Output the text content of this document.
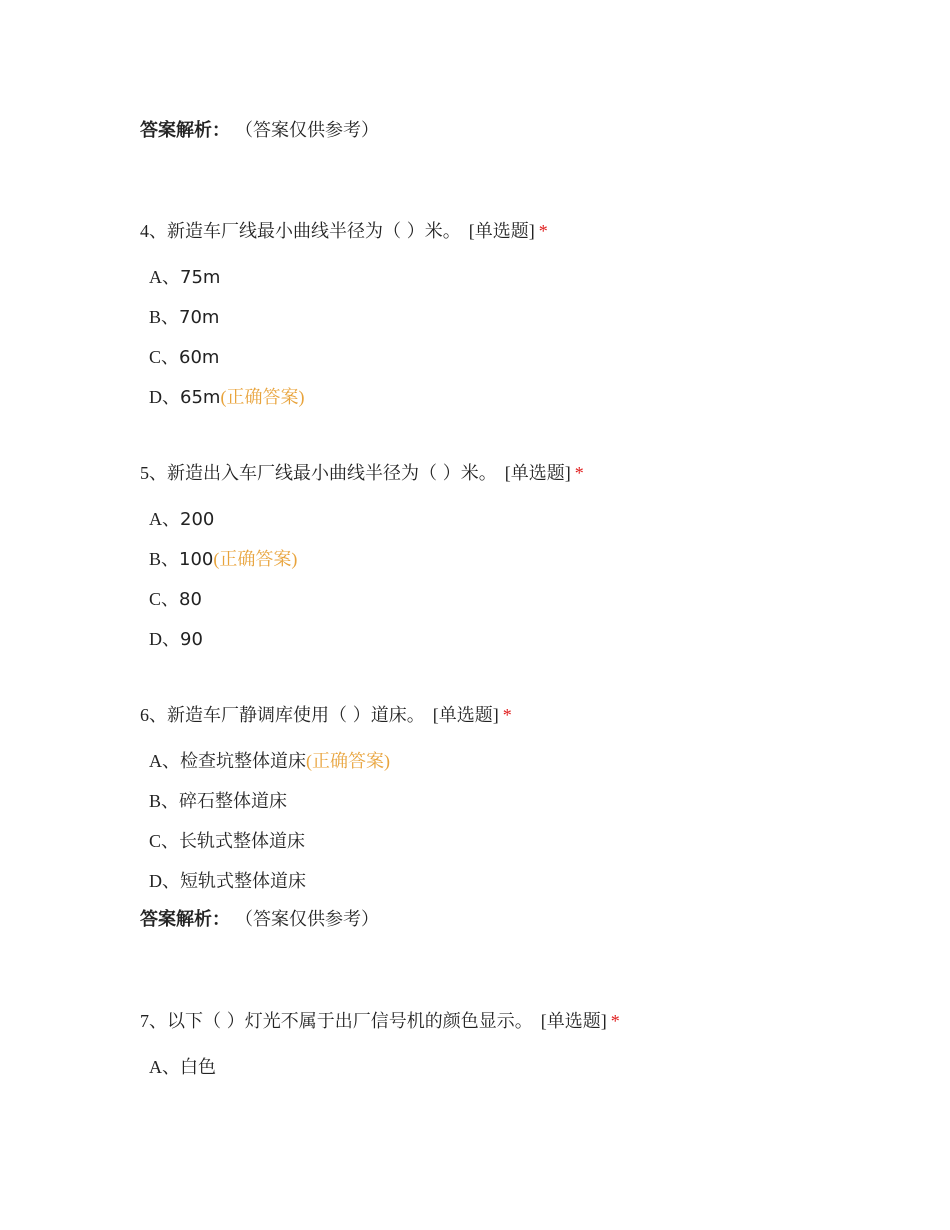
答案解析： （答案仅供参考）
4、新造车厂线最小曲线半径为（ ）米。 [单选题] *
A、75m
B、70m
C、60m
D、65m(正确答案)
5、新造出入车厂线最小曲线半径为（ ）米。 [单选题] *
A、200
B、100(正确答案)
C、80
D、90
6、新造车厂静调库使用（ ）道床。 [单选题] *
A、检查坑整体道床(正确答案)
B、碎石整体道床
C、长轨式整体道床
D、短轨式整体道床
答案解析： （答案仅供参考）
7、以下（ ）灯光不属于出厂信号机的颜色显示。 [单选题] *
A、白色
